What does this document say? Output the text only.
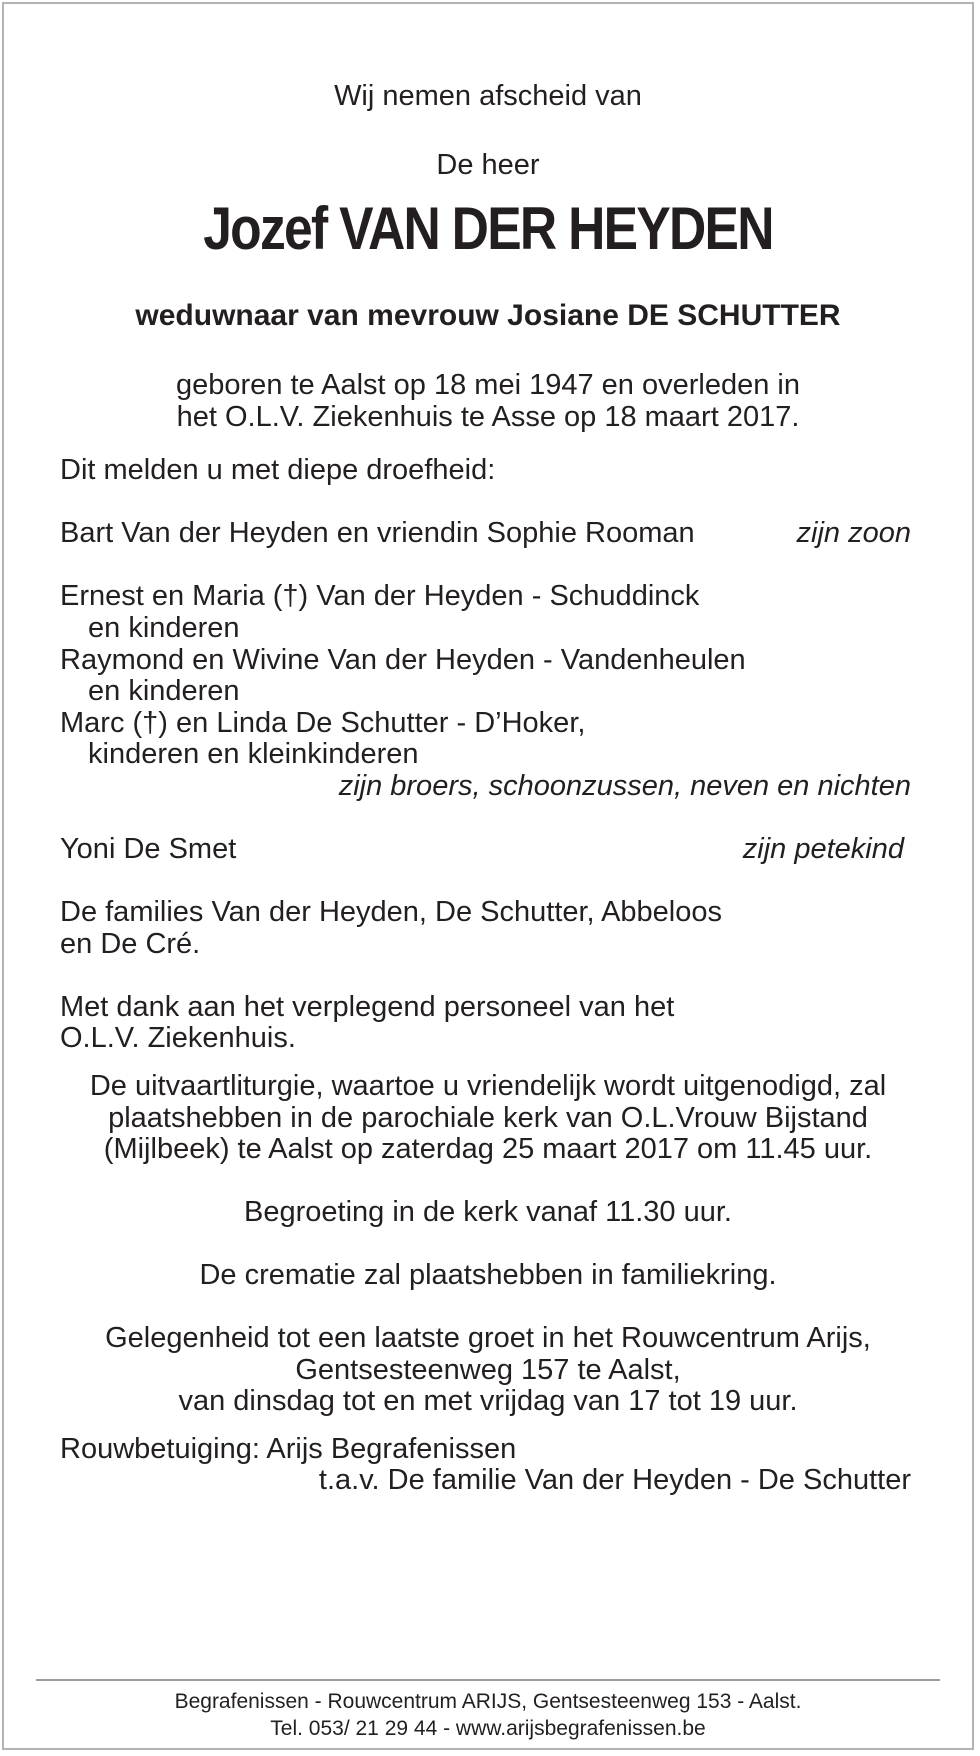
Wij nemen afscheid van
De heer
Jozef VAN DER HEYDEN
weduwnaar van mevrouw Josiane DE SCHUTTER
geboren te Aalst op 18 mei 1947 en overleden in
het O.L.V. Ziekenhuis te Asse op 18 maart 2017.
Dit melden u met diepe droefheid:
Bart Van der Heyden en vriendin Sophie Rooman	zijn zoon
Ernest en Maria (†) Van der Heyden - Schuddinck
en kinderen
Raymond en Wivine Van der Heyden - Vandenheulen
en kinderen
Marc (†) en Linda De Schutter - D’Hoker,
kinderen en kleinkinderen
zijn broers, schoonzussen, neven en nichten
Yoni De Smet	zijn petekind
De families Van der Heyden, De Schutter, Abbeloos
en De Cré.
Met dank aan het verplegend personeel van het
O.L.V. Ziekenhuis.
De uitvaartliturgie, waartoe u vriendelijk wordt uitgenodigd, zal
plaatshebben in de parochiale kerk van O.L.Vrouw Bijstand
(Mijlbeek) te Aalst op zaterdag 25 maart 2017 om 11.45 uur.
Begroeting in de kerk vanaf 11.30 uur.
De crematie zal plaatshebben in familiekring.
Gelegenheid tot een laatste groet in het Rouwcentrum Arijs,
Gentsesteenweg 157 te Aalst,
van dinsdag tot en met vrijdag van 17 tot 19 uur.
Rouwbetuiging: Arijs Begrafenissen
t.a.v. De familie Van der Heyden - De Schutter
Begrafenissen - Rouwcentrum ARIJS, Gentsesteenweg 153 - Aalst.
Tel. 053/ 21 29 44 - www.arijsbegrafenissen.be
